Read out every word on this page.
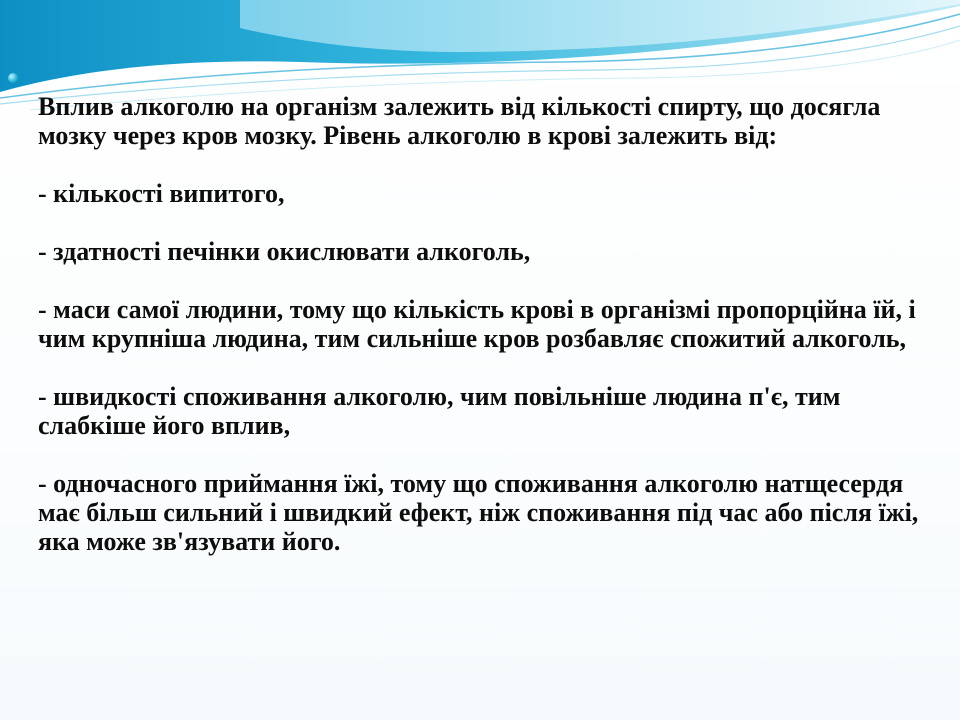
Вплив алкоголю на організм залежить від кількості спирту, що досягла мозку через кров мозку. Рівень алкоголю в крові залежить від:

- кількості випитого,

- здатності печінки окислювати алкоголь,

- маси самої людини, тому що кількість крові в організмі пропорційна їй, і чим крупніша людина, тим сильніше кров розбавляє спожитий алкоголь,

- швидкості споживання алкоголю, чим повільніше людина п'є, тим слабкіше його вплив,

- одночасного приймання їжі, тому що споживання алкоголю натщесердя має більш сильний і швидкий ефект, ніж споживання під час або після їжі, яка може зв'язувати його.
